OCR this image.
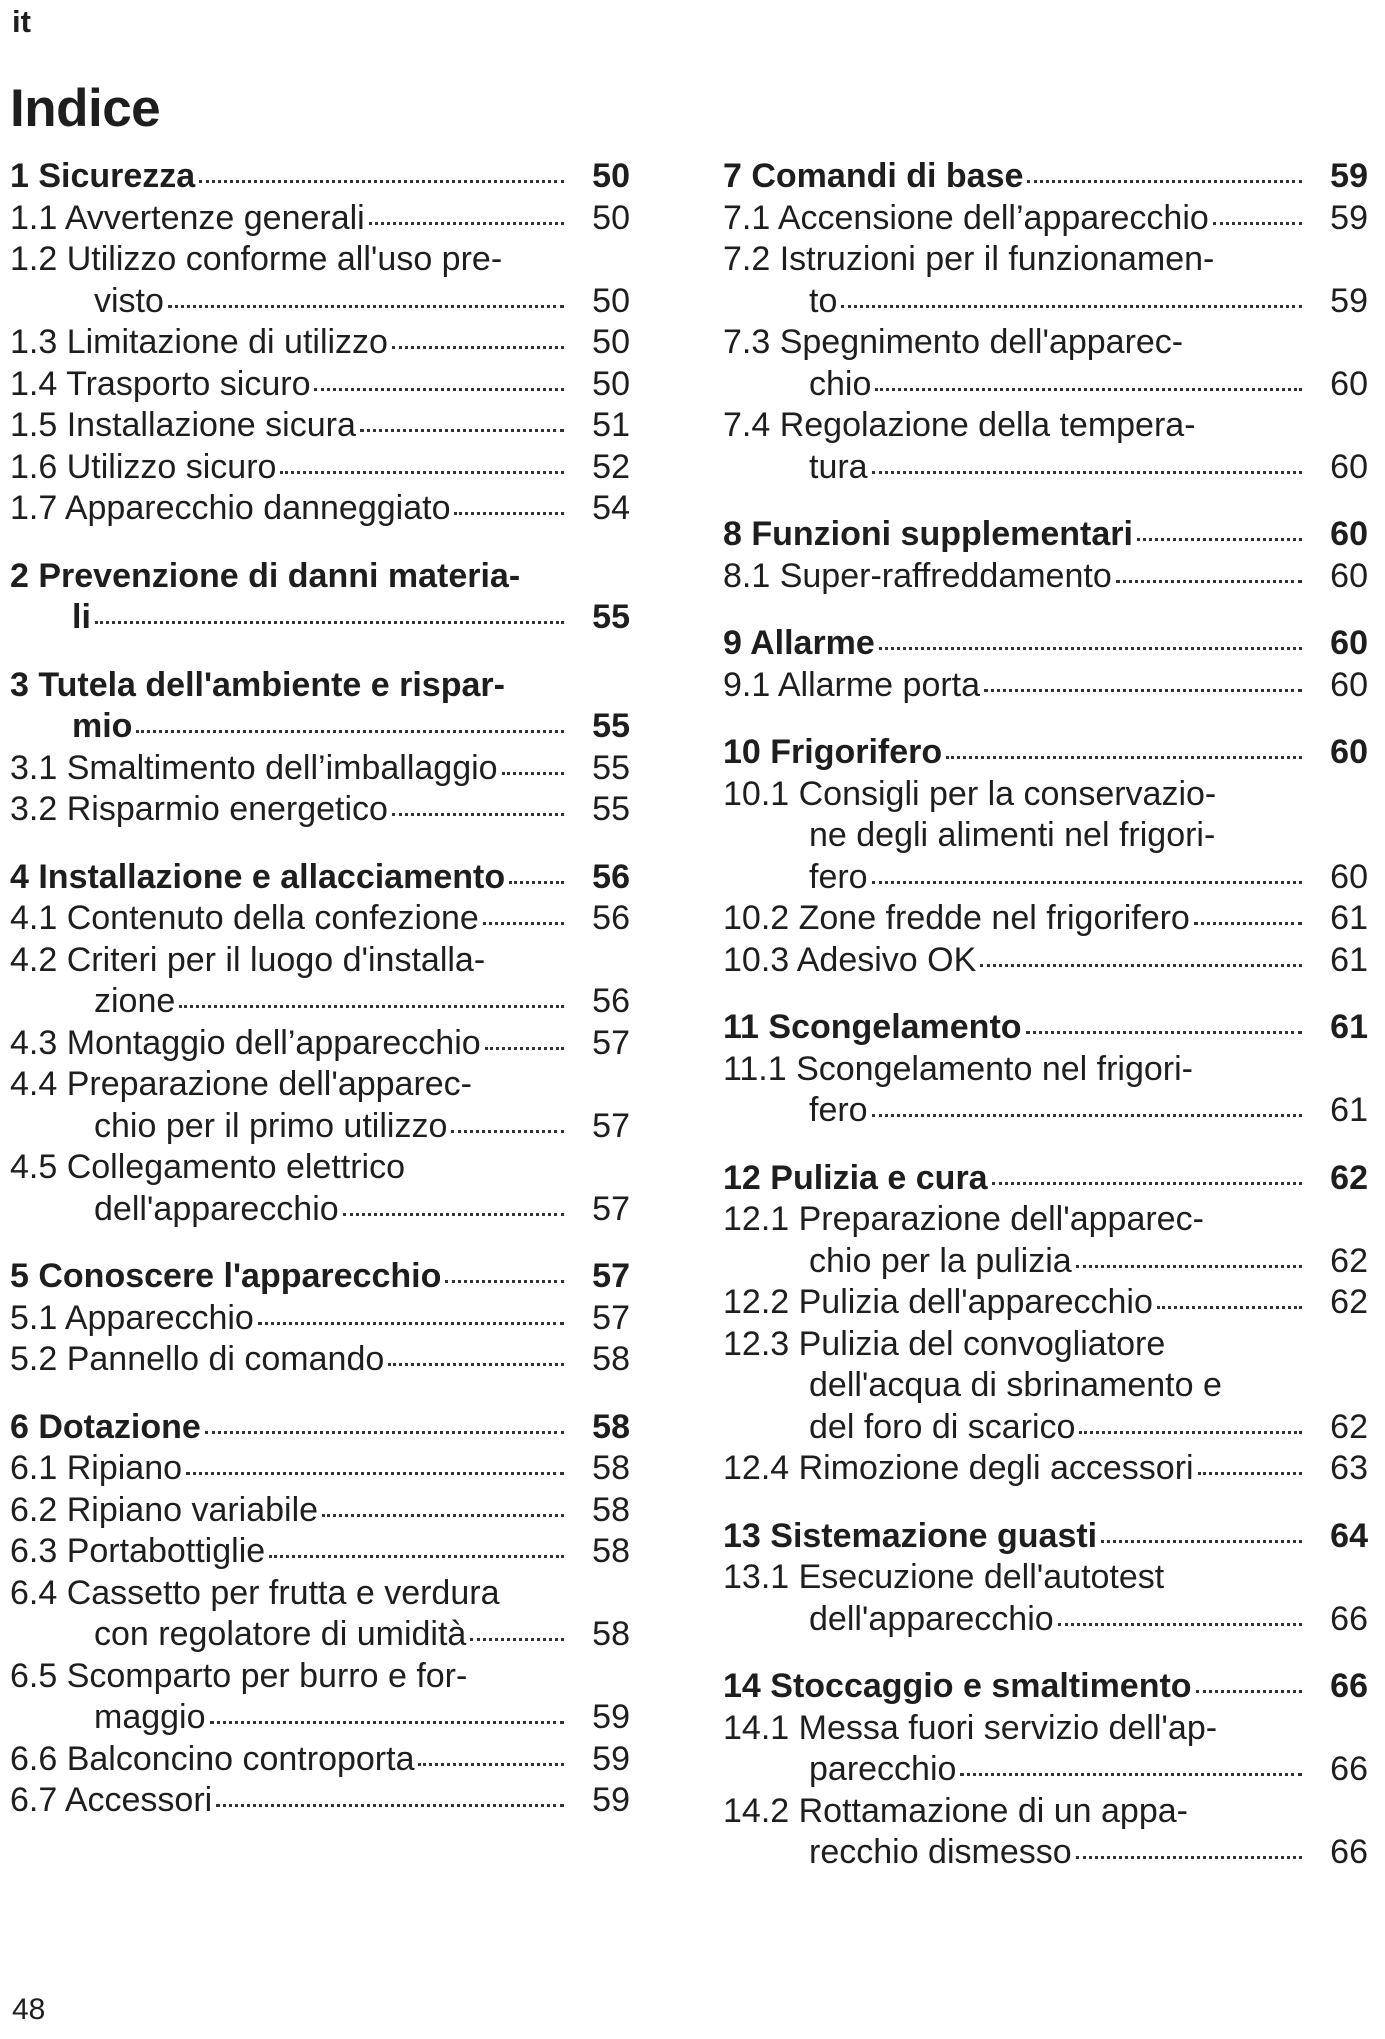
it
Indice
1 Sicurezza	50
1.1 Avvertenze generali	50
1.2 Utilizzo conforme all'uso pre-
visto	50
1.3 Limitazione di utilizzo	50
1.4 Trasporto sicuro	50
1.5 Installazione sicura	51
1.6 Utilizzo sicuro	52
1.7 Apparecchio danneggiato	54
2 Prevenzione di danni materia-
li	55
3 Tutela dell'ambiente e rispar-
mio	55
3.1 Smaltimento dell’imballaggio	55
3.2 Risparmio energetico	55
4 Installazione e allacciamento	56
4.1 Contenuto della confezione	56
4.2 Criteri per il luogo d'installa-
zione	56
4.3 Montaggio dell’apparecchio	57
4.4 Preparazione dell'apparec-
chio per il primo utilizzo	57
4.5 Collegamento elettrico
dell'apparecchio	57
5 Conoscere l'apparecchio	57
5.1 Apparecchio	57
5.2 Pannello di comando	58
6 Dotazione	58
6.1 Ripiano	58
6.2 Ripiano variabile	58
6.3 Portabottiglie	58
6.4 Cassetto per frutta e verdura
con regolatore di umidità	58
6.5 Scomparto per burro e for-
maggio	59
6.6 Balconcino controporta	59
6.7 Accessori	59
7 Comandi di base	59
7.1 Accensione dell’apparecchio	59
7.2 Istruzioni per il funzionamen-
to	59
7.3 Spegnimento dell'apparec-
chio	60
7.4 Regolazione della tempera-
tura	60
8 Funzioni supplementari	60
8.1 Super-raffreddamento	60
9 Allarme	60
9.1 Allarme porta	60
10 Frigorifero	60
10.1 Consigli per la conservazio-
ne degli alimenti nel frigori-
fero	60
10.2 Zone fredde nel frigorifero	61
10.3 Adesivo OK	61
11 Scongelamento	61
11.1 Scongelamento nel frigori-
fero	61
12 Pulizia e cura	62
12.1 Preparazione dell'apparec-
chio per la pulizia	62
12.2 Pulizia dell'apparecchio	62
12.3 Pulizia del convogliatore
dell'acqua di sbrinamento e
del foro di scarico	62
12.4 Rimozione degli accessori	63
13 Sistemazione guasti	64
13.1 Esecuzione dell'autotest
dell'apparecchio	66
14 Stoccaggio e smaltimento	66
14.1 Messa fuori servizio dell'ap-
parecchio	66
14.2 Rottamazione di un appa-
recchio dismesso	66
48
